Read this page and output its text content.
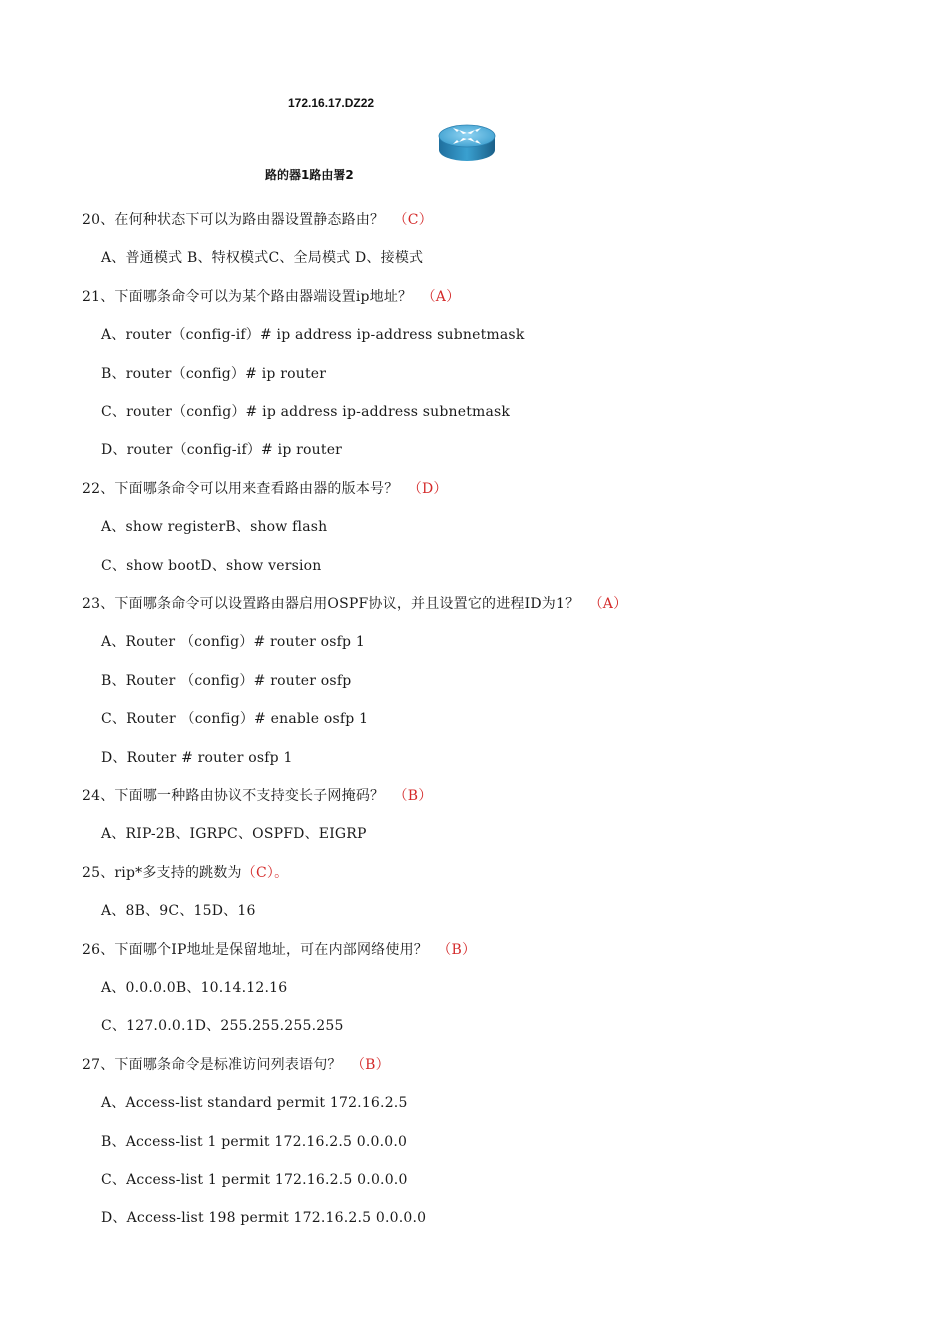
172.16.17.DZ22
路的器1路由署2
20、在何种状态下可以为路由器设置静态路由？ （C）
A、普通模式 B、特权模式C、全局模式 D、接模式
21、下面哪条命令可以为某个路由器端设置ip地址？ （A）
A、router（config-if）# ip address ip-address subnetmask
B、router（config）# ip router
C、router（config）# ip address ip-address subnetmask
D、router（config-if）# ip router
22、下面哪条命令可以用来查看路由器的版本号？ （D）
A、show registerB、show flash
C、show bootD、show version
23、下面哪条命令可以设置路由器启用OSPF协议，并且设置它的进程ID为1？ （A）
A、Router （config）# router osfp 1
B、Router （config）# router osfp
C、Router （config）# enable osfp 1
D、Router # router osfp 1
24、下面哪一种路由协议不支持变长子网掩码？ （B）
A、RIP-2B、IGRPC、OSPFD、EIGRP
25、rip*多支持的跳数为（C）。
A、8B、9C、15D、16
26、下面哪个IP地址是保留地址，可在内部网络使用？ （B）
A、0.0.0.0B、10.14.12.16
C、127.0.0.1D、255.255.255.255
27、下面哪条命令是标准访问列表语句？ （B）
A、Access-list standard permit 172.16.2.5
B、Access-list 1 permit 172.16.2.5 0.0.0.0
C、Access-list 1 permit 172.16.2.5 0.0.0.0
D、Access-list 198 permit 172.16.2.5 0.0.0.0
